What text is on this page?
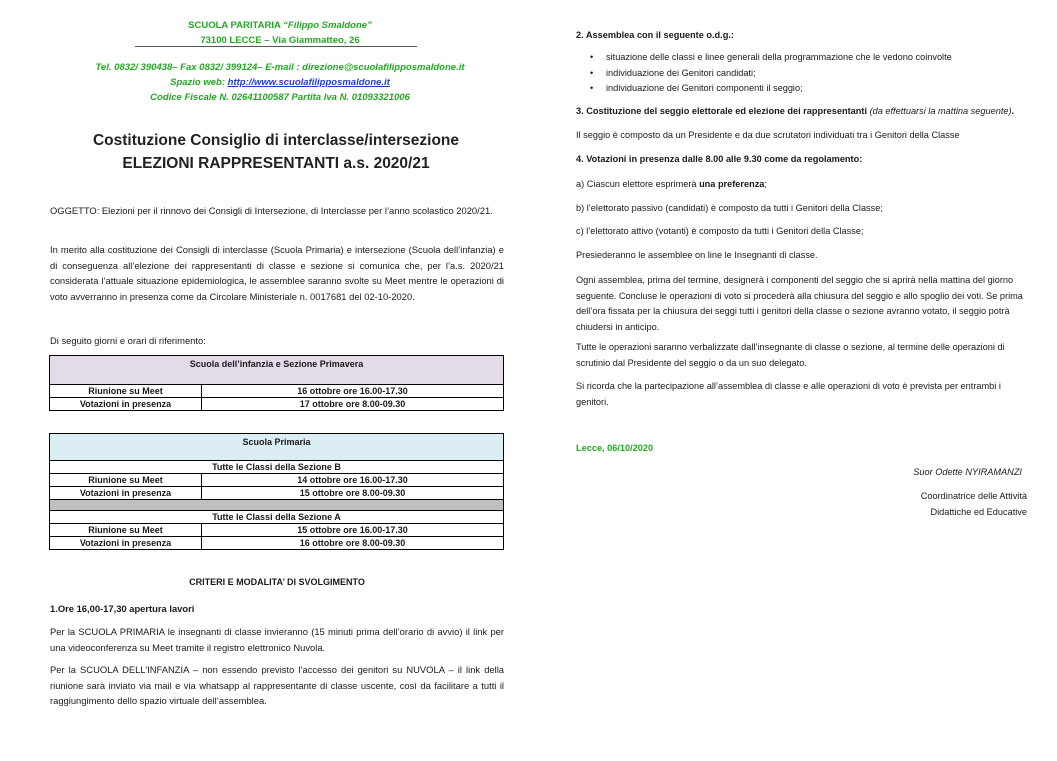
SCUOLA PARITARIA “Filippo Smaldone”
73100 LECCE – Via Giammatteo, 26
Tel. 0832/ 390438– Fax 0832/ 399124– E-mail : direzione@scuolafilipposmaldone.it
Spazio web: http://www.scuolafilipposmaldone.it
Codice Fiscale N. 02641100587 Partita Iva N. 01093321006
Costituzione Consiglio di interclasse/intersezione
ELEZIONI RAPPRESENTANTI a.s. 2020/21
OGGETTO: Elezioni per il rinnovo dei Consigli di Intersezione, di Interclasse per l’anno scolastico 2020/21.
In merito alla costituzione dei Consigli di interclasse (Scuola Primaria) e intersezione (Scuola dell’infanzia) e di conseguenza all’elezione dei rappresentanti di classe e sezione si comunica che, per l’a.s. 2020/21 considerata l’attuale situazione epidemiologica, le assemblee saranno svolte su Meet mentre le operazioni di voto avverranno in presenza come da Circolare Ministeriale n. 0017681 del 02-10-2020.
Di seguito giorni e orari di riferimento:
Scuola dell’infanzia e Sezione Primavera	
Riunione su Meet	16 ottobre ore 16.00-17.30
Votazioni in presenza	17 ottobre ore 8.00-09.30
Scuola Primaria	
Tutte le Classi della Sezione B	
Riunione su Meet	14 ottobre ore 16.00-17.30
Votazioni in presenza	15 ottobre ore 8.00-09.30

Tutte le Classi della Sezione A	
Riunione su Meet	15 ottobre ore 16.00-17.30
Votazioni in presenza	16 ottobre ore 8.00-09.30
CRITERI E MODALITA’ DI SVOLGIMENTO
1.Ore 16,00-17,30 apertura lavori
Per la SCUOLA PRIMARIA le insegnanti di classe invieranno (15 minuti prima dell’orario di avvio) il link per una videoconferenza su Meet tramite il registro elettronico Nuvola.
Per la SCUOLA DELL’INFANZIA – non essendo previsto l’accesso dei genitori su NUVOLA – il link della riunione sarà inviato via mail e via whatsapp al rappresentante di classe uscente, così da facilitare a tutti il raggiungimento dello spazio virtuale dell’assemblea.
2. Assemblea con il seguente o.d.g.:
• situazione delle classi e linee generali della programmazione che le vedono coinvolte
• individuazione dei Genitori candidati;
• individuazione dei Genitori componenti il seggio;
3. Costituzione del seggio elettorale ed elezione dei rappresentanti (da effettuarsi la mattina seguente).
Il seggio è composto da un Presidente e da due scrutatori individuati tra i Genitori della Classe
4. Votazioni in presenza dalle 8.00 alle 9.30 come da regolamento:
a) Ciascun elettore esprimerà una preferenza;
b) l’elettorato passivo (candidati) è composto da tutti i Genitori della Classe;
c) l’elettorato attivo (votanti) è composto da tutti i Genitori della Classe;
Presiederanno le assemblee on line le Insegnanti di classe.
Ogni assemblea, prima del termine, designerà i componenti del seggio che si aprirà nella mattina del giorno seguente. Concluse le operazioni di voto si procederà alla chiusura del seggio e allo spoglio dei voti. Se prima dell’ora fissata per la chiusura dei seggi tutti i genitori della classe o sezione avranno votato, il seggio potrà chiudersi in anticipo.
Tutte le operazioni saranno verbalizzate dall’insegnante di classe o sezione, al termine delle operazioni di scrutinio dal Presidente del seggio o da un suo delegato.
Si ricorda che la partecipazione all’assemblea di classe e alle operazioni di voto è prevista per entrambi i genitori.
Lecce, 06/10/2020
Suor Odette NYIRAMANZI
Coordinatrice delle Attività
Didattiche ed Educative
